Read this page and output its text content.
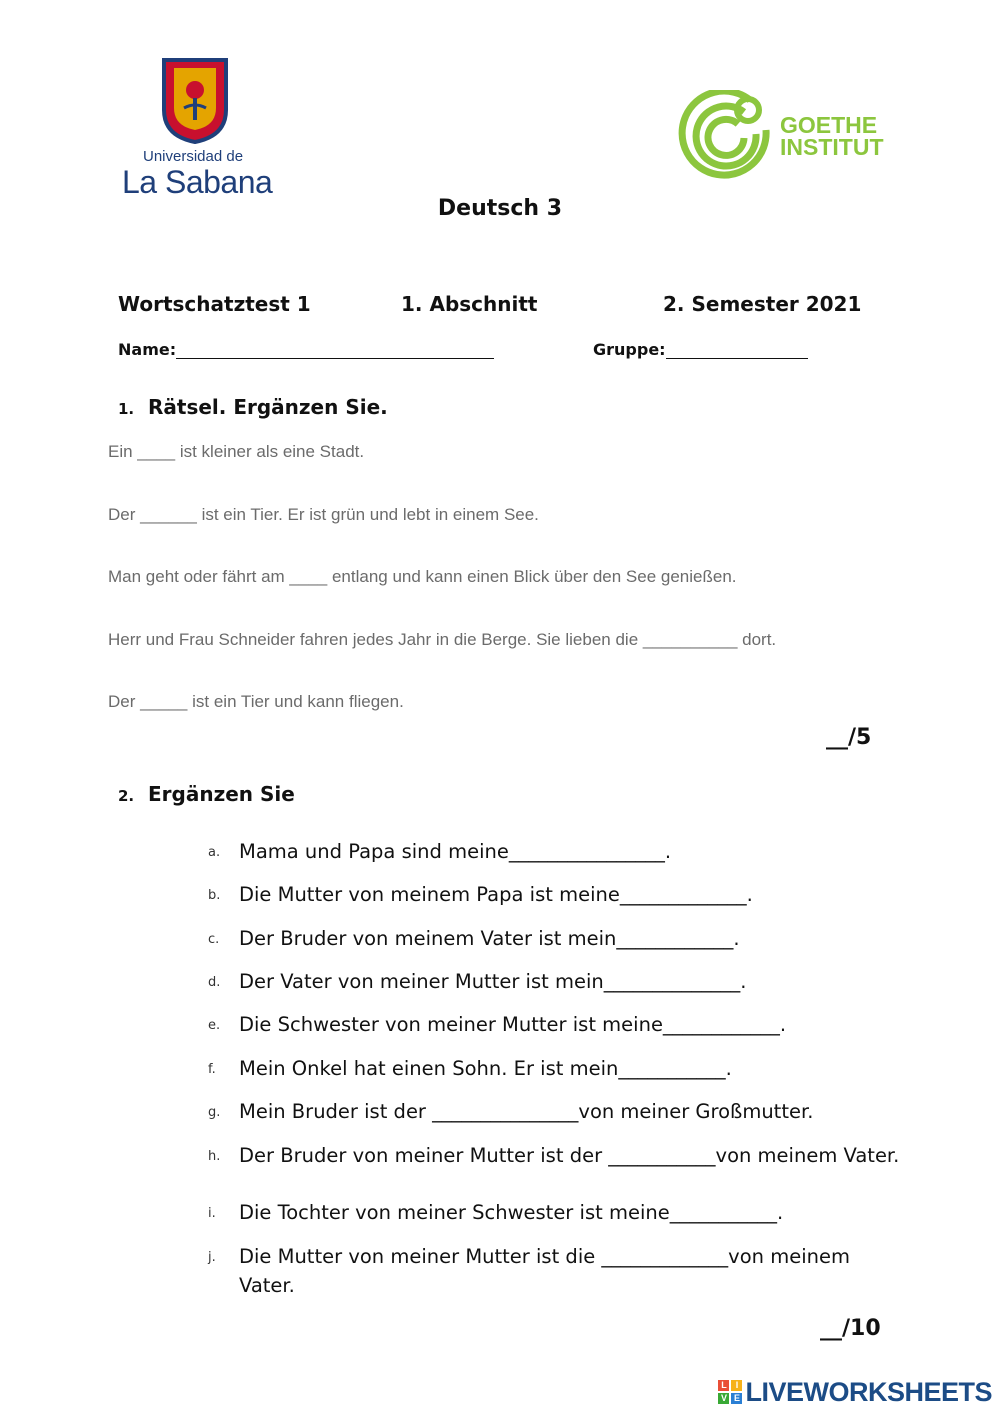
Universidad de
La Sabana
GOETHE
INSTITUT
Deutsch 3
Wortschatztest 1	1. Abschnitt	2. Semester 2021
Name:	Gruppe:
1. Rätsel. Ergänzen Sie.
Ein ____ ist kleiner als eine Stadt.
Der ______ ist ein Tier. Er ist grün und lebt in einem See.
Man geht oder fährt am ____ entlang und kann einen Blick über den See genießen.
Herr und Frau Schneider fahren jedes Jahr in die Berge. Sie lieben die __________ dort.
Der _____ ist ein Tier und kann fliegen.
__/5
2. Ergänzen Sie
a. Mama und Papa sind meine________________.
b. Die Mutter von meinem Papa ist meine_____________.
c. Der Bruder von meinem Vater ist mein____________.
d. Der Vater von meiner Mutter ist mein______________.
e. Die Schwester von meiner Mutter ist meine____________.
f. Mein Onkel hat einen Sohn. Er ist mein___________.
g. Mein Bruder ist der _______________von meiner Großmutter.
h. Der Bruder von meiner Mutter ist der ___________von meinem Vater.
i. Die Tochter von meiner Schwester ist meine___________.
j. Die Mutter von meiner Mutter ist die _____________von meinem
Vater.
__/10
L I
V E LIVEWORKSHEETS
